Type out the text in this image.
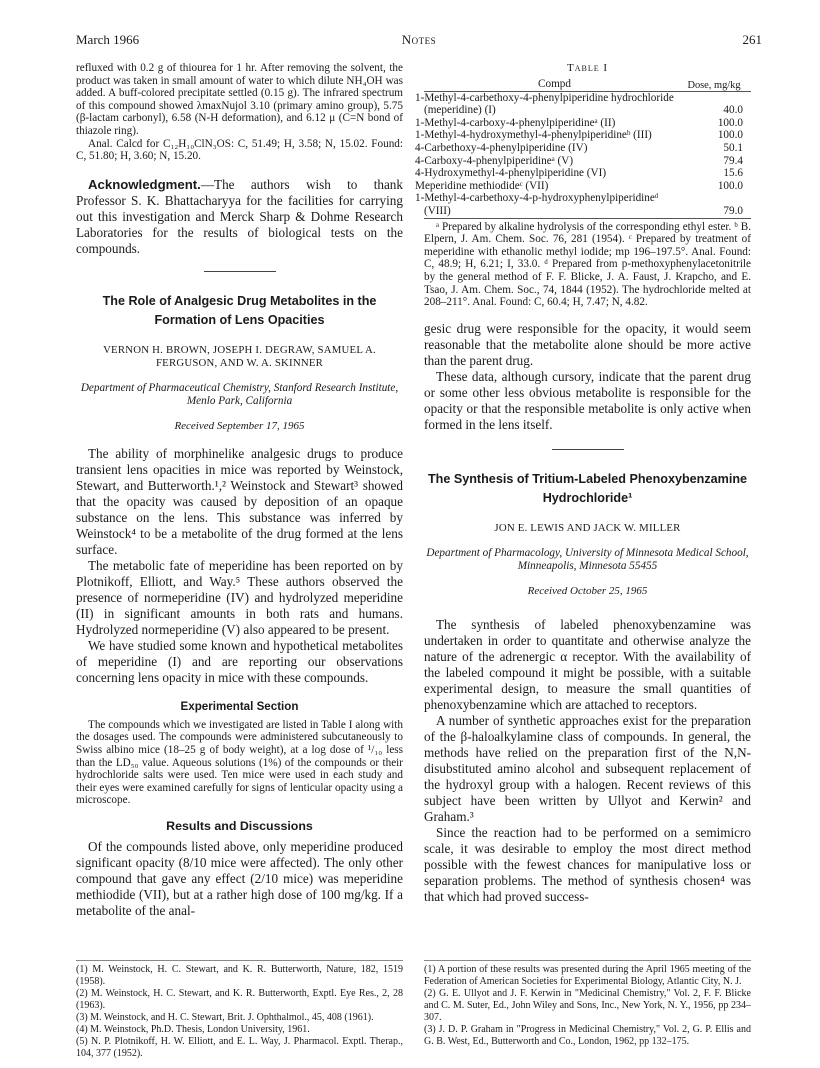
March 1966	Notes	261

refluxed with 0.2 g of thiourea for 1 hr. After removing the solvent, the product was taken in small amount of water to which dilute NH₄OH was added. A buff-colored precipitate settled (0.15 g). The infrared spectrum of this compound showed λmaxNujol 3.10 (primary amino group), 5.75 (β-lactam carbonyl), 6.58 (N-H deformation), and 6.12 μ (C=N bond of thiazole ring).

Anal. Calcd for C₁₂H₁₀ClN₃OS: C, 51.49; H, 3.58; N, 15.02. Found: C, 51.80; H, 3.60; N, 15.20.

Acknowledgment.—The authors wish to thank Professor S. K. Bhattacharyya for the facilities for carrying out this investigation and Merck Sharp & Dohme Research Laboratories for the results of biological tests on the compounds.

The Role of Analgesic Drug Metabolites in the Formation of Lens Opacities
VERNON H. BROWN, JOSEPH I. DEGRAW, SAMUEL A. FERGUSON, AND W. A. SKINNER
Department of Pharmaceutical Chemistry, Stanford Research Institute, Menlo Park, California
Received September 17, 1965

The ability of morphinelike analgesic drugs to produce transient lens opacities in mice was reported by Weinstock, Stewart, and Butterworth.¹,² Weinstock and Stewart³ showed that the opacity was caused by deposition of an opaque substance on the lens. This substance was inferred by Weinstock⁴ to be a metabolite of the drug formed at the lens surface.

The metabolic fate of meperidine has been reported on by Plotnikoff, Elliott, and Way.⁵ These authors observed the presence of normeperidine (IV) and hydrolyzed meperidine (II) in significant amounts in both rats and humans. Hydrolyzed normeperidine (V) also appeared to be present.

We have studied some known and hypothetical metabolites of meperidine (I) and are reporting our observations concerning lens opacity in mice with these compounds.

Experimental Section

The compounds which we investigated are listed in Table I along with the dosages used. The compounds were administered subcutaneously to Swiss albino mice (18–25 g of body weight), at a log dose of ¹/₁₀ less than the LD₅₀ value. Aqueous solutions (1%) of the compounds or their hydrochloride salts were used. Ten mice were used in each study and their eyes were examined carefully for signs of lenticular opacity using a microscope.

Results and Discussions

Of the compounds listed above, only meperidine produced significant opacity (8/10 mice were affected). The only other compound that gave any effect (2/10 mice) was meperidine methiodide (VII), but at a rather high dose of 100 mg/kg. If a metabolite of the anal-

(1) M. Weinstock, H. C. Stewart, and K. R. Butterworth, Nature, 182, 1519 (1958).

(2) M. Weinstock, H. C. Stewart, and K. R. Butterworth, Exptl. Eye Res., 2, 28 (1963).

(3) M. Weinstock, and H. C. Stewart, Brit. J. Ophthalmol., 45, 408 (1961).

(4) M. Weinstock, Ph.D. Thesis, London University, 1961.

(5) N. P. Plotnikoff, H. W. Elliott, and E. L. Way, J. Pharmacol. Exptl. Therap., 104, 377 (1952).

Table I
Compd	Dose, mg/kg
1-Methyl-4-carbethoxy-4-phenylpiperidine hydrochloride (meperidine) (I)	40.0
1-Methyl-4-carboxy-4-phenylpiperidineᵃ (II)	100.0
1-Methyl-4-hydroxymethyl-4-phenylpiperidineᵇ (III)	100.0
4-Carbethoxy-4-phenylpiperidine (IV)	50.1
4-Carboxy-4-phenylpiperidineᵃ (V)	79.4
4-Hydroxymethyl-4-phenylpiperidine (VI)	15.6
Meperidine methiodideᶜ (VII)	100.0
1-Methyl-4-carbethoxy-4-p-hydroxyphenylpiperidineᵈ (VIII)	79.0

ᵃ Prepared by alkaline hydrolysis of the corresponding ethyl ester. ᵇ B. Elpern, J. Am. Chem. Soc. 76, 281 (1954). ᶜ Prepared by treatment of meperidine with ethanolic methyl iodide; mp 196–197.5°. Anal. Found: C, 48.9; H, 6.21; I, 33.0. ᵈ Prepared from p-methoxyphenylacetonitrile by the general method of F. F. Blicke, J. A. Faust, J. Krapcho, and E. Tsao, J. Am. Chem. Soc., 74, 1844 (1952). The hydrochloride melted at 208–211°. Anal. Found: C, 60.4; H, 7.47; N, 4.82.

gesic drug were responsible for the opacity, it would seem reasonable that the metabolite alone should be more active than the parent drug.

These data, although cursory, indicate that the parent drug or some other less obvious metabolite is responsible for the opacity or that the responsible metabolite is only active when formed in the lens itself.

The Synthesis of Tritium-Labeled Phenoxybenzamine Hydrochloride¹
JON E. LEWIS AND JACK W. MILLER
Department of Pharmacology, University of Minnesota Medical School, Minneapolis, Minnesota 55455
Received October 25, 1965

The synthesis of labeled phenoxybenzamine was undertaken in order to quantitate and otherwise analyze the nature of the adrenergic α receptor. With the availability of the labeled compound it might be possible, with a suitable experimental design, to measure the small quantities of phenoxybenzamine which are attached to receptors.

A number of synthetic approaches exist for the preparation of the β-haloalkylamine class of compounds. In general, the methods have relied on the preparation first of the N,N-disubstituted amino alcohol and subsequent replacement of the hydroxyl group with a halogen. Recent reviews of this subject have been written by Ullyot and Kerwin² and Graham.³

Since the reaction had to be performed on a semimicro scale, it was desirable to employ the most direct method possible with the fewest chances for manipulative loss or separation problems. The method of synthesis chosen⁴ was that which had proved success-

(1) A portion of these results was presented during the April 1965 meeting of the Federation of American Societies for Experimental Biology, Atlantic City, N. J.

(2) G. E. Ullyot and J. F. Kerwin in "Medicinal Chemistry," Vol. 2, F. F. Blicke and C. M. Suter, Ed., John Wiley and Sons, Inc., New York, N. Y., 1956, pp 234–307.

(3) J. D. P. Graham in "Progress in Medicinal Chemistry," Vol. 2, G. P. Ellis and G. B. West, Ed., Butterworth and Co., London, 1962, pp 132–175.
